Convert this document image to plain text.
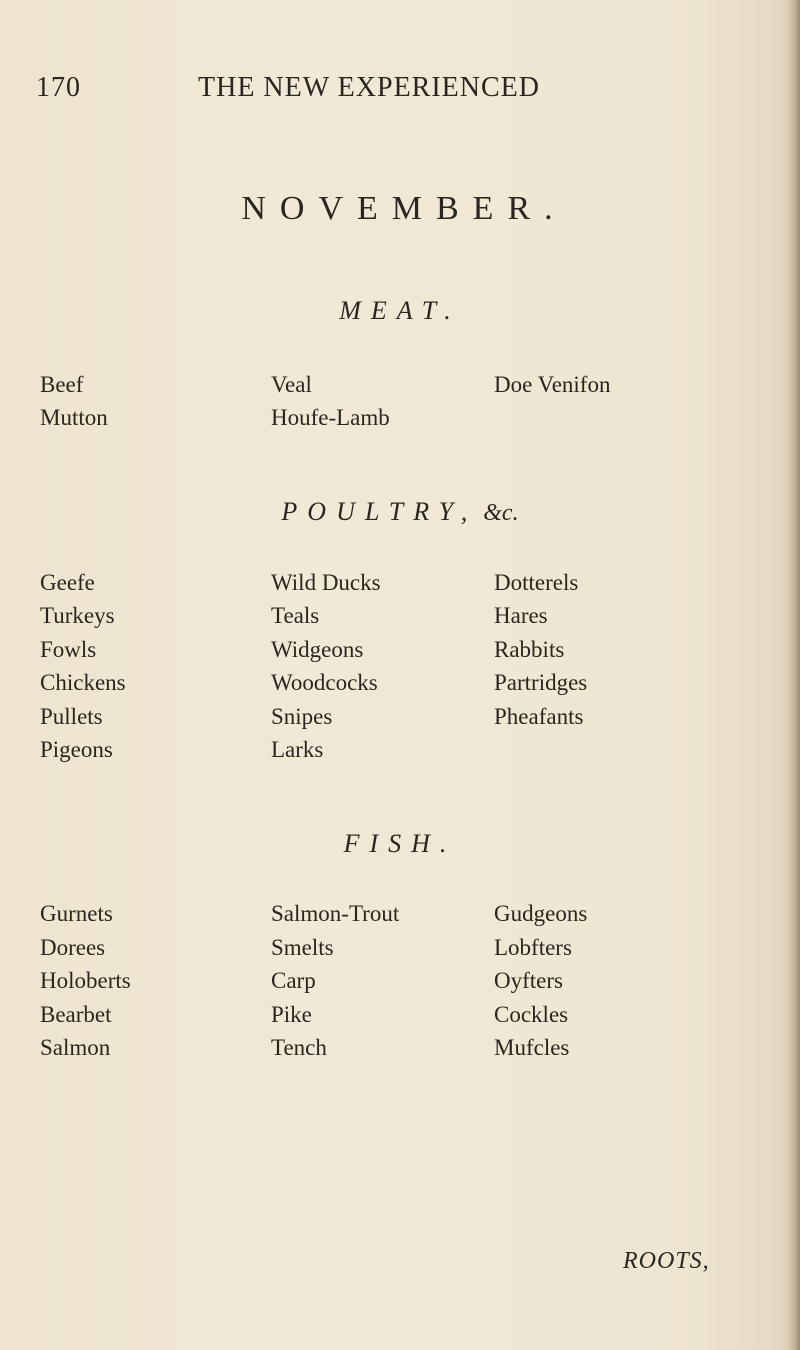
170	THE NEW EXPERIENCED
NOVEMBER.
MEAT.
Beef	Veal	Doe Venifon
Mutton	Houfe-Lamb
POULTRY, &c.
Geefe	Wild Ducks	Dotterels
Turkeys	Teals	Hares
Fowls	Widgeons	Rabbits
Chickens	Woodcocks	Partridges
Pullets	Snipes	Pheafants
Pigeons	Larks
FISH.
Gurnets	Salmon-Trout	Gudgeons
Dorees	Smelts	Lobfters
Holoberts	Carp	Oyfters
Bearbet	Pike	Cockles
Salmon	Tench	Mufcles
ROOTS,
